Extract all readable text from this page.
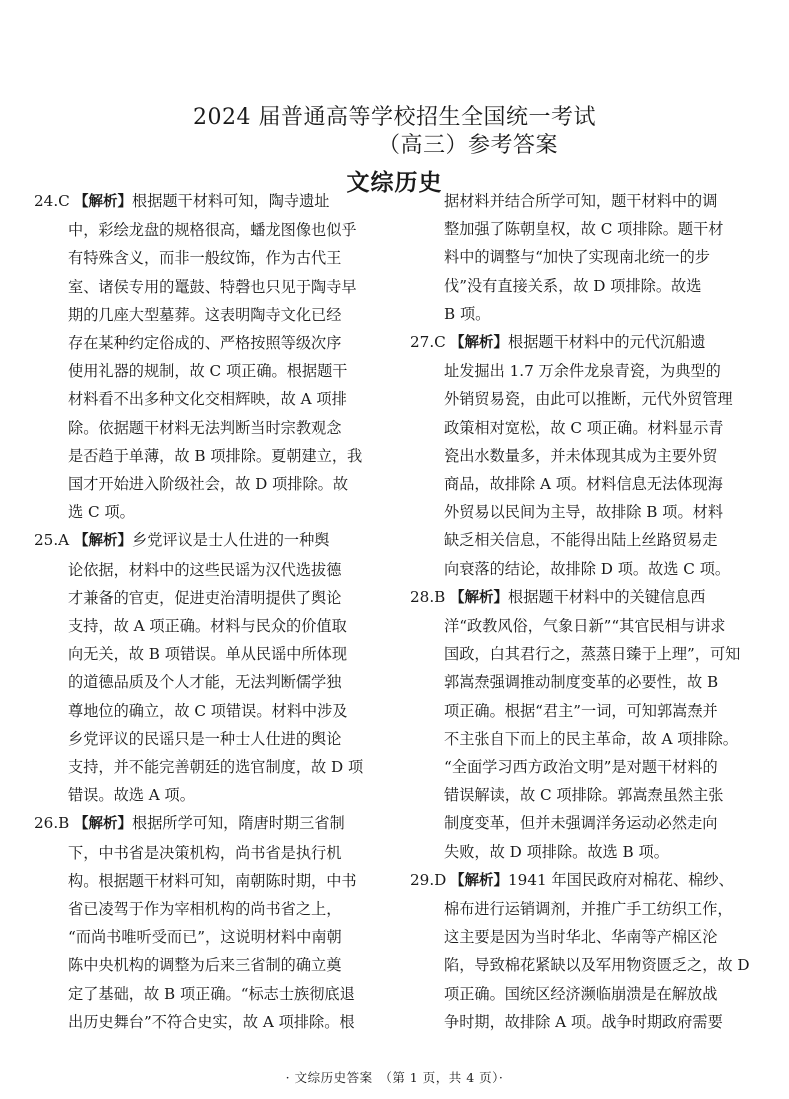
2024 届普通高等学校招生全国统一考试
（高三）参考答案
文综历史
24.C 【解析】根据题干材料可知，陶寺遗址
中，彩绘龙盘的规格很高，蟠龙图像也似乎
有特殊含义，而非一般纹饰，作为古代王
室、诸侯专用的鼍鼓、特磬也只见于陶寺早
期的几座大型墓葬。这表明陶寺文化已经
存在某种约定俗成的、严格按照等级次序
使用礼器的规制，故 C 项正确。根据题干
材料看不出多种文化交相辉映，故 A 项排
除。依据题干材料无法判断当时宗教观念
是否趋于单薄，故 B 项排除。夏朝建立，我
国才开始进入阶级社会，故 D 项排除。故
选 C 项。
25.A 【解析】乡党评议是士人仕进的一种舆
论依据，材料中的这些民谣为汉代选拔德
才兼备的官吏，促进吏治清明提供了舆论
支持，故 A 项正确。材料与民众的价值取
向无关，故 B 项错误。单从民谣中所体现
的道德品质及个人才能，无法判断儒学独
尊地位的确立，故 C 项错误。材料中涉及
乡党评议的民谣只是一种士人仕进的舆论
支持，并不能完善朝廷的选官制度，故 D 项
错误。故选 A 项。
26.B 【解析】根据所学可知，隋唐时期三省制
下，中书省是决策机构，尚书省是执行机
构。根据题干材料可知，南朝陈时期，中书
省已凌驾于作为宰相机构的尚书省之上，
“而尚书唯听受而已”，这说明材料中南朝
陈中央机构的调整为后来三省制的确立奠
定了基础，故 B 项正确。“标志士族彻底退
出历史舞台”不符合史实，故 A 项排除。根
据材料并结合所学可知，题干材料中的调
整加强了陈朝皇权，故 C 项排除。题干材
料中的调整与“加快了实现南北统一的步
伐”没有直接关系，故 D 项排除。故选
B 项。
27.C 【解析】根据题干材料中的元代沉船遗
址发掘出 1.7 万余件龙泉青瓷，为典型的
外销贸易瓷，由此可以推断，元代外贸管理
政策相对宽松，故 C 项正确。材料显示青
瓷出水数量多，并未体现其成为主要外贸
商品，故排除 A 项。材料信息无法体现海
外贸易以民间为主导，故排除 B 项。材料
缺乏相关信息，不能得出陆上丝路贸易走
向衰落的结论，故排除 D 项。故选 C 项。
28.B 【解析】根据题干材料中的关键信息西
洋“政教风俗，气象日新”“其官民相与讲求
国政，白其君行之，蒸蒸日臻于上理”，可知
郭嵩焘强调推动制度变革的必要性，故 B
项正确。根据“君主”一词，可知郭嵩焘并
不主张自下而上的民主革命，故 A 项排除。
“全面学习西方政治文明”是对题干材料的
错误解读，故 C 项排除。郭嵩焘虽然主张
制度变革，但并未强调洋务运动必然走向
失败，故 D 项排除。故选 B 项。
29.D 【解析】1941 年国民政府对棉花、棉纱、
棉布进行运销调剂，并推广手工纺织工作，
这主要是因为当时华北、华南等产棉区沦
陷，导致棉花紧缺以及军用物资匮乏之，故 D
项正确。国统区经济濒临崩溃是在解放战
争时期，故排除 A 项。战争时期政府需要
· 文综历史答案　（第 1 页，共 4 页）·
